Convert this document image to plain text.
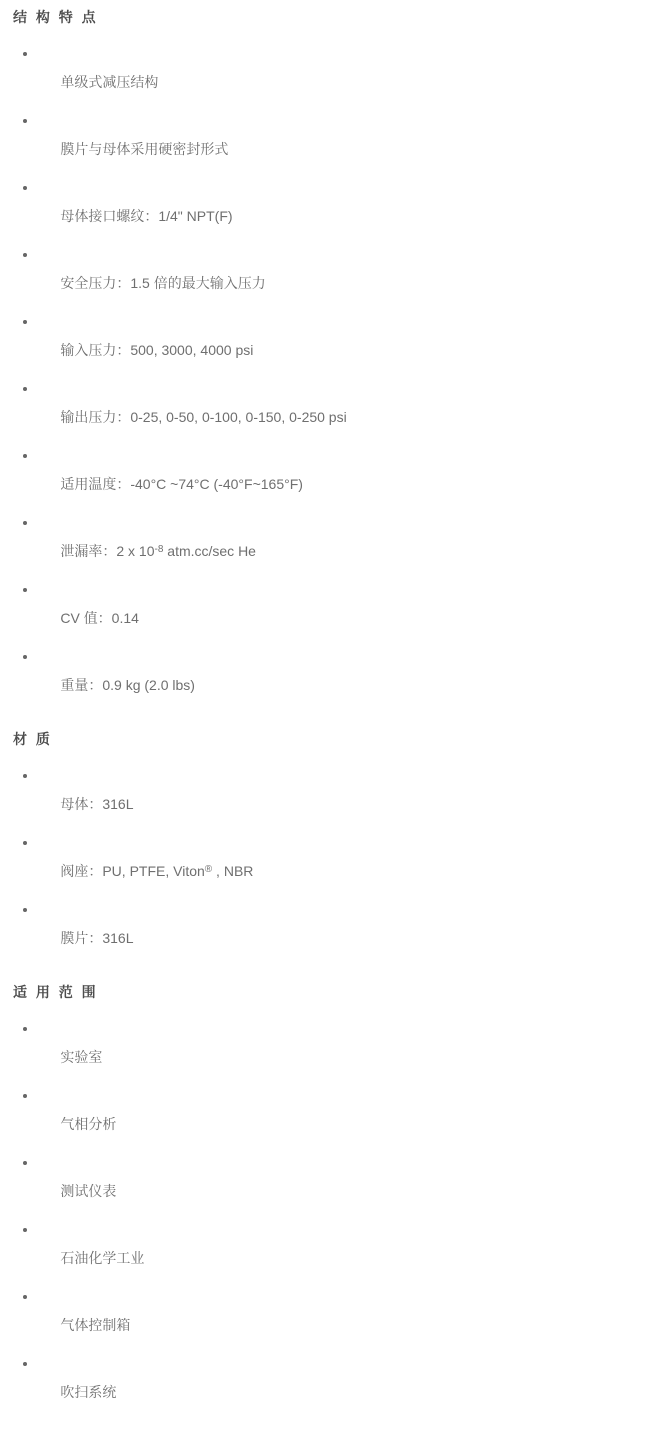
结 构 特 点

单级式减压结构

膜片与母体采用硬密封形式

母体接口螺纹：1/4" NPT(F)

安全压力：1.5 倍的最大输入压力

输入压力：500, 3000, 4000 psi

输出压力：0-25, 0-50, 0-100, 0-150, 0-250 psi

适用温度：-40°C ~74°C (-40°F~165°F)

泄漏率：2 x $10^{-8}$ atm.cc/sec He

CV 值：0.14

重量：0.9 kg (2.0 lbs)

材 质

母体：316L

阀座：PU, PTFE, Viton® , NBR

膜片：316L

适 用 范 围

实验室

气相分析

测试仪表

石油化学工业

气体控制箱

吹扫系统
